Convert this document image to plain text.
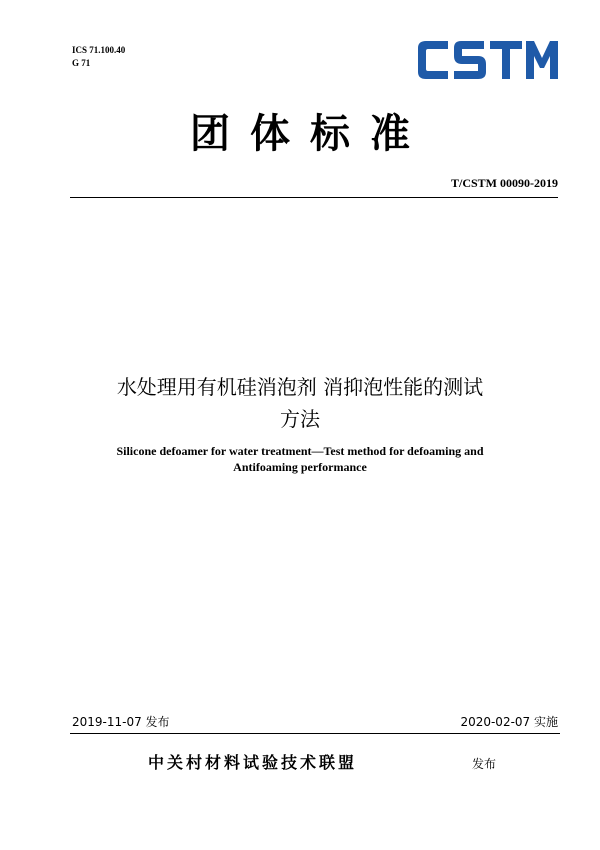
ICS 71.100.40
G 71
团体标准
T/CSTM 00090-2019
水处理用有机硅消泡剂 消抑泡性能的测试
方法
Silicone defoamer for water treatment—Test method for defoaming and
Antifoaming performance
2019-11-07 发布	2020-02-07 实施
中关村材料试验技术联盟	发布
